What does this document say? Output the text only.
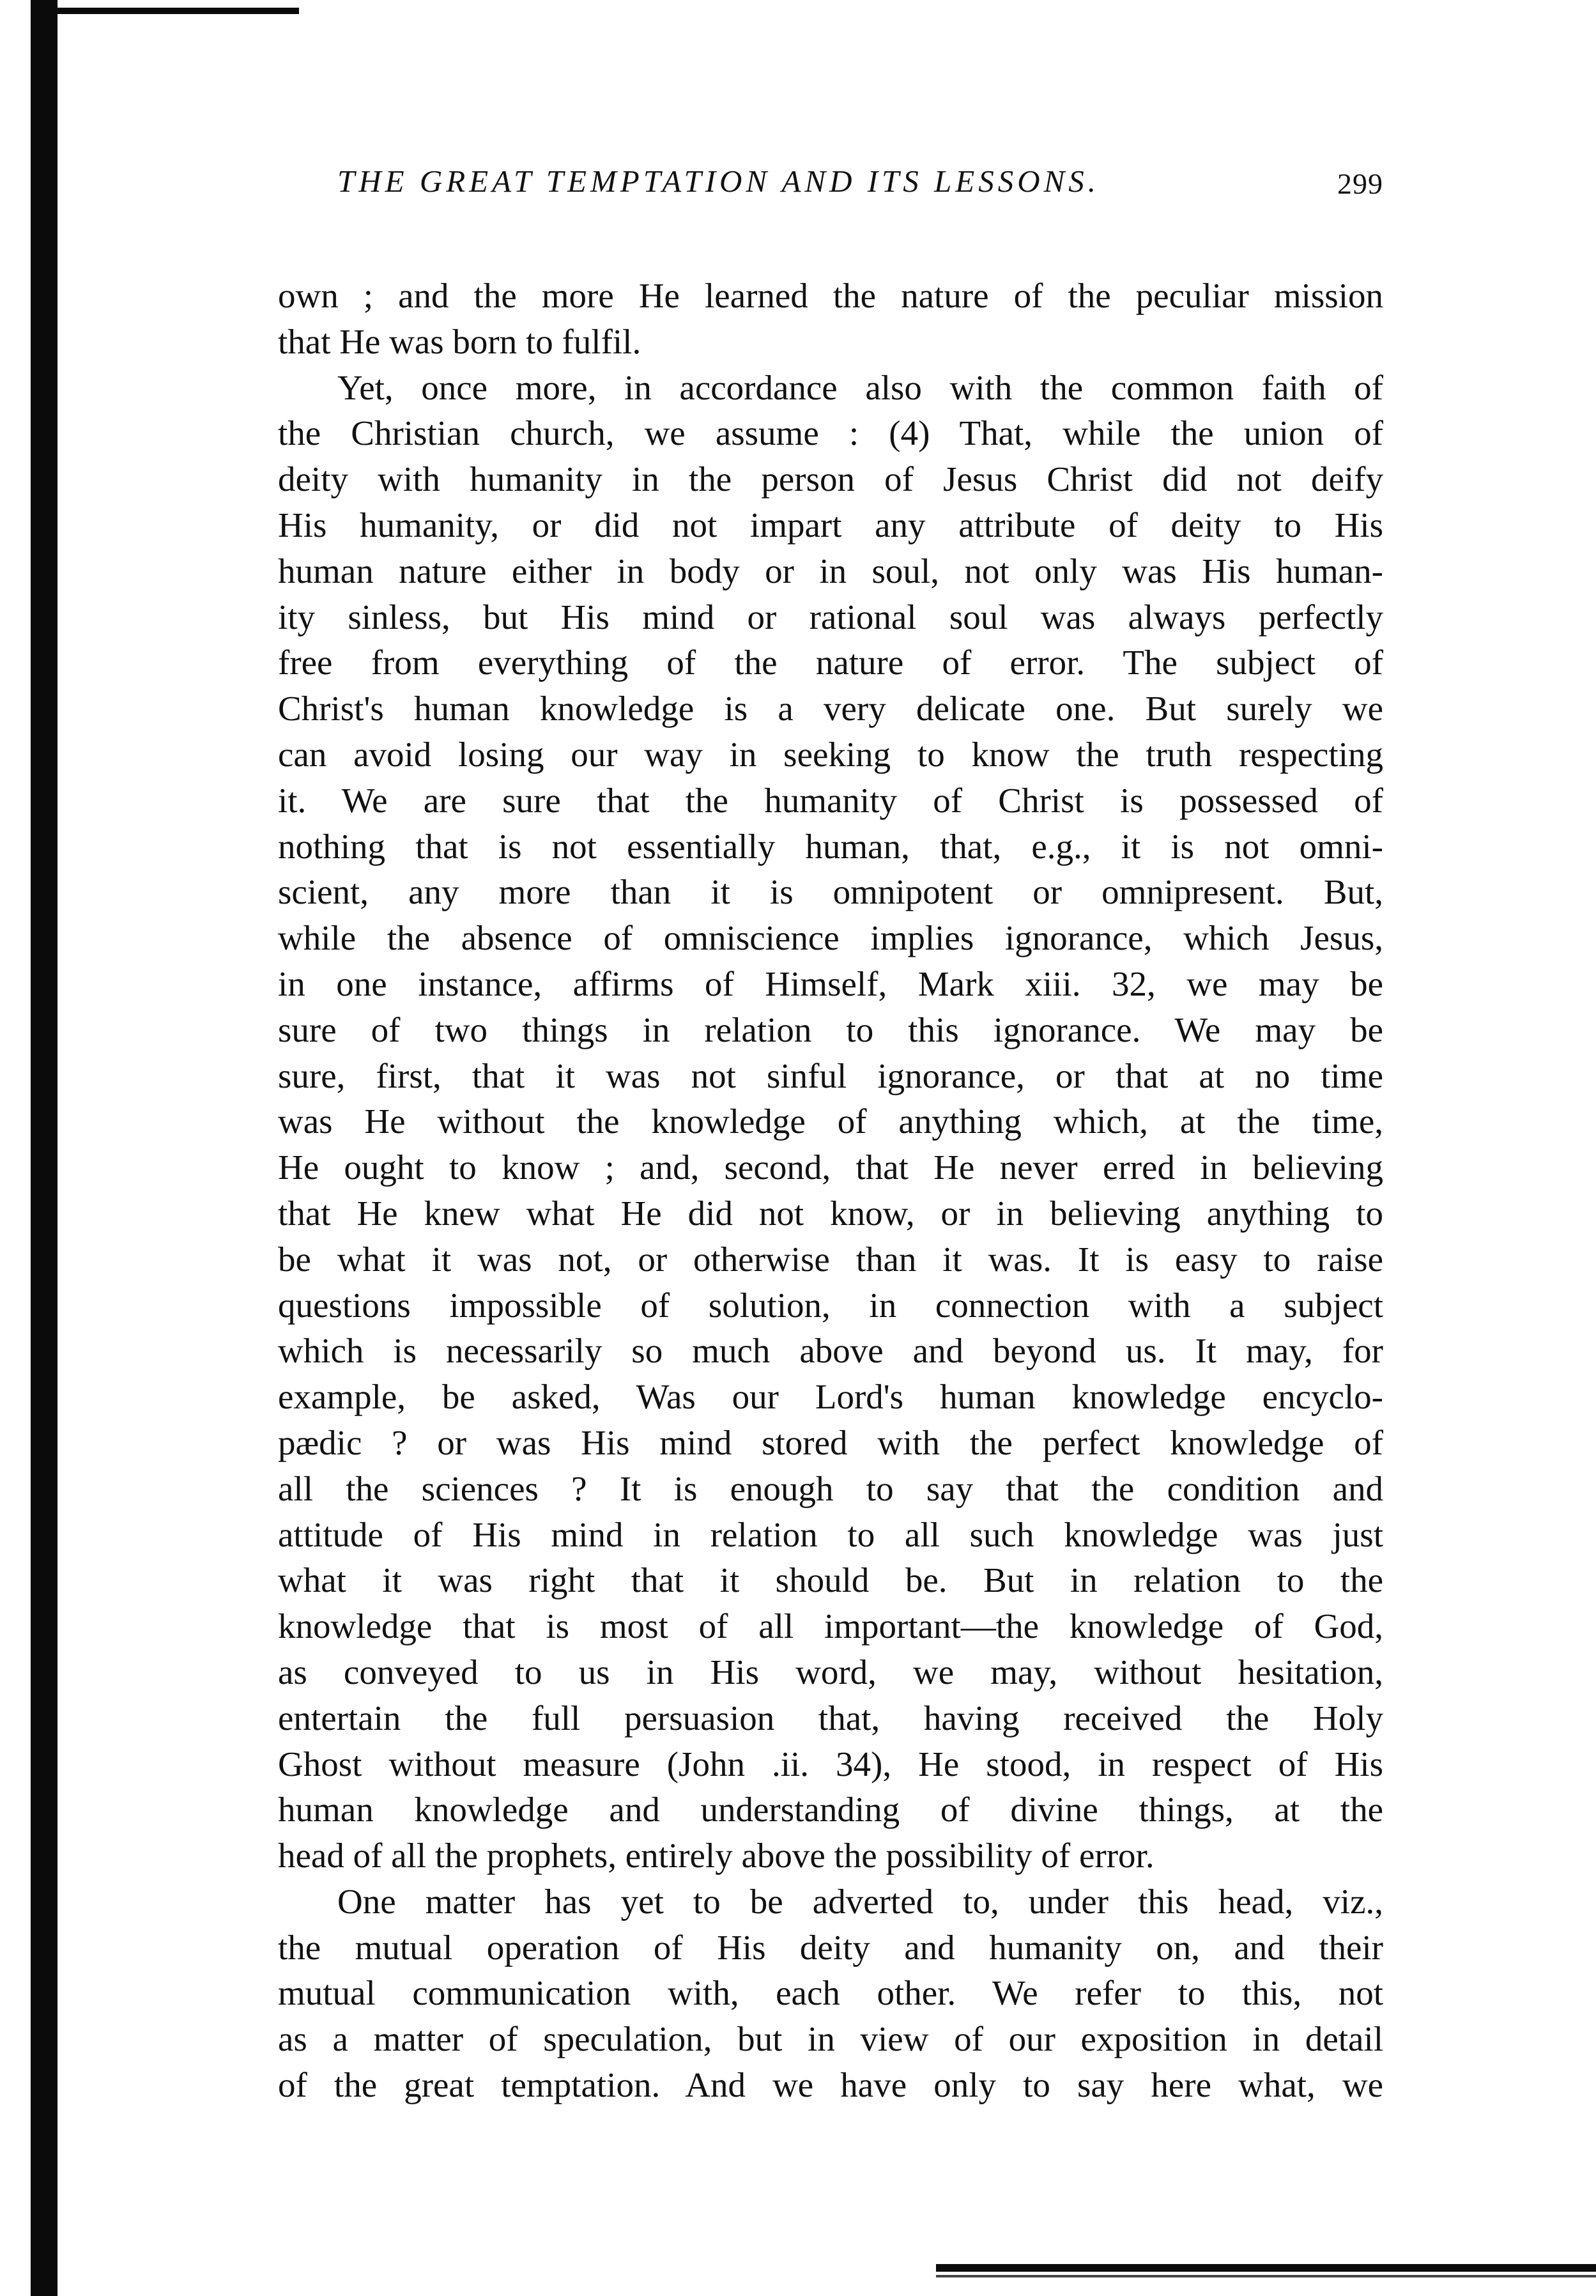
THE GREAT TEMPTATION AND ITS LESSONS.	299
own ; and the more He learned the nature of the peculiar mission
that He was born to fulfil.
Yet, once more, in accordance also with the common faith of
the Christian church, we assume : (4) That, while the union of
deity with humanity in the person of Jesus Christ did not deify
His humanity, or did not impart any attribute of deity to His
human nature either in body or in soul, not only was His human-
ity sinless, but His mind or rational soul was always perfectly
free from everything of the nature of error. The subject of
Christ's human knowledge is a very delicate one. But surely we
can avoid losing our way in seeking to know the truth respecting
it. We are sure that the humanity of Christ is possessed of
nothing that is not essentially human, that, e.g., it is not omni-
scient, any more than it is omnipotent or omnipresent. But,
while the absence of omniscience implies ignorance, which Jesus,
in one instance, affirms of Himself, Mark xiii. 32, we may be
sure of two things in relation to this ignorance. We may be
sure, first, that it was not sinful ignorance, or that at no time
was He without the knowledge of anything which, at the time,
He ought to know ; and, second, that He never erred in believing
that He knew what He did not know, or in believing anything to
be what it was not, or otherwise than it was. It is easy to raise
questions impossible of solution, in connection with a subject
which is necessarily so much above and beyond us. It may, for
example, be asked, Was our Lord's human knowledge encyclo-
pædic ? or was His mind stored with the perfect knowledge of
all the sciences ? It is enough to say that the condition and
attitude of His mind in relation to all such knowledge was just
what it was right that it should be. But in relation to the
knowledge that is most of all important—the knowledge of God,
as conveyed to us in His word, we may, without hesitation,
entertain the full persuasion that, having received the Holy
Ghost without measure (John .ii. 34), He stood, in respect of His
human knowledge and understanding of divine things, at the
head of all the prophets, entirely above the possibility of error.
One matter has yet to be adverted to, under this head, viz.,
the mutual operation of His deity and humanity on, and their
mutual communication with, each other. We refer to this, not
as a matter of speculation, but in view of our exposition in detail
of the great temptation. And we have only to say here what, we
